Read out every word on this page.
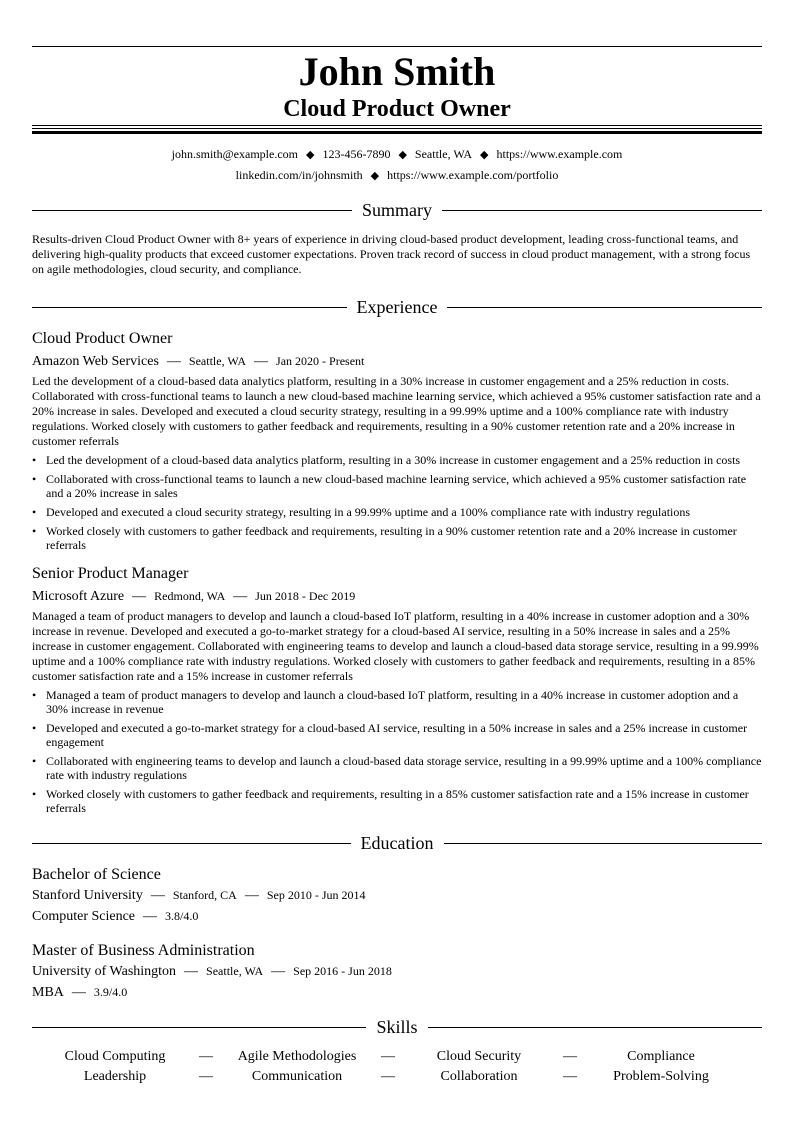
John Smith
Cloud Product Owner
john.smith@example.com ◆ 123-456-7890 ◆ Seattle, WA ◆ https://www.example.com
linkedin.com/in/johnsmith ◆ https://www.example.com/portfolio
Summary
Results-driven Cloud Product Owner with 8+ years of experience in driving cloud-based product development, leading cross-functional teams, and delivering high-quality products that exceed customer expectations. Proven track record of success in cloud product management, with a strong focus on agile methodologies, cloud security, and compliance.
Experience
Cloud Product Owner
Amazon Web Services — Seattle, WA — Jan 2020 - Present
Led the development of a cloud-based data analytics platform, resulting in a 30% increase in customer engagement and a 25% reduction in costs. Collaborated with cross-functional teams to launch a new cloud-based machine learning service, which achieved a 95% customer satisfaction rate and a 20% increase in sales. Developed and executed a cloud security strategy, resulting in a 99.99% uptime and a 100% compliance rate with industry regulations. Worked closely with customers to gather feedback and requirements, resulting in a 90% customer retention rate and a 20% increase in customer referrals
• Led the development of a cloud-based data analytics platform, resulting in a 30% increase in customer engagement and a 25% reduction in costs
• Collaborated with cross-functional teams to launch a new cloud-based machine learning service, which achieved a 95% customer satisfaction rate and a 20% increase in sales
• Developed and executed a cloud security strategy, resulting in a 99.99% uptime and a 100% compliance rate with industry regulations
• Worked closely with customers to gather feedback and requirements, resulting in a 90% customer retention rate and a 20% increase in customer referrals
Senior Product Manager
Microsoft Azure — Redmond, WA — Jun 2018 - Dec 2019
Managed a team of product managers to develop and launch a cloud-based IoT platform, resulting in a 40% increase in customer adoption and a 30% increase in revenue. Developed and executed a go-to-market strategy for a cloud-based AI service, resulting in a 50% increase in sales and a 25% increase in customer engagement. Collaborated with engineering teams to develop and launch a cloud-based data storage service, resulting in a 99.99% uptime and a 100% compliance rate with industry regulations. Worked closely with customers to gather feedback and requirements, resulting in a 85% customer satisfaction rate and a 15% increase in customer referrals
• Managed a team of product managers to develop and launch a cloud-based IoT platform, resulting in a 40% increase in customer adoption and a 30% increase in revenue
• Developed and executed a go-to-market strategy for a cloud-based AI service, resulting in a 50% increase in sales and a 25% increase in customer engagement
• Collaborated with engineering teams to develop and launch a cloud-based data storage service, resulting in a 99.99% uptime and a 100% compliance rate with industry regulations
• Worked closely with customers to gather feedback and requirements, resulting in a 85% customer satisfaction rate and a 15% increase in customer referrals
Education
Bachelor of Science
Stanford University — Stanford, CA — Sep 2010 - Jun 2014
Computer Science — 3.8/4.0
Master of Business Administration
University of Washington — Seattle, WA — Sep 2016 - Jun 2018
MBA — 3.9/4.0
Skills
Cloud Computing	—	Agile Methodologies	—	Cloud Security	—	Compliance
Leadership	—	Communication	—	Collaboration	—	Problem-Solving
